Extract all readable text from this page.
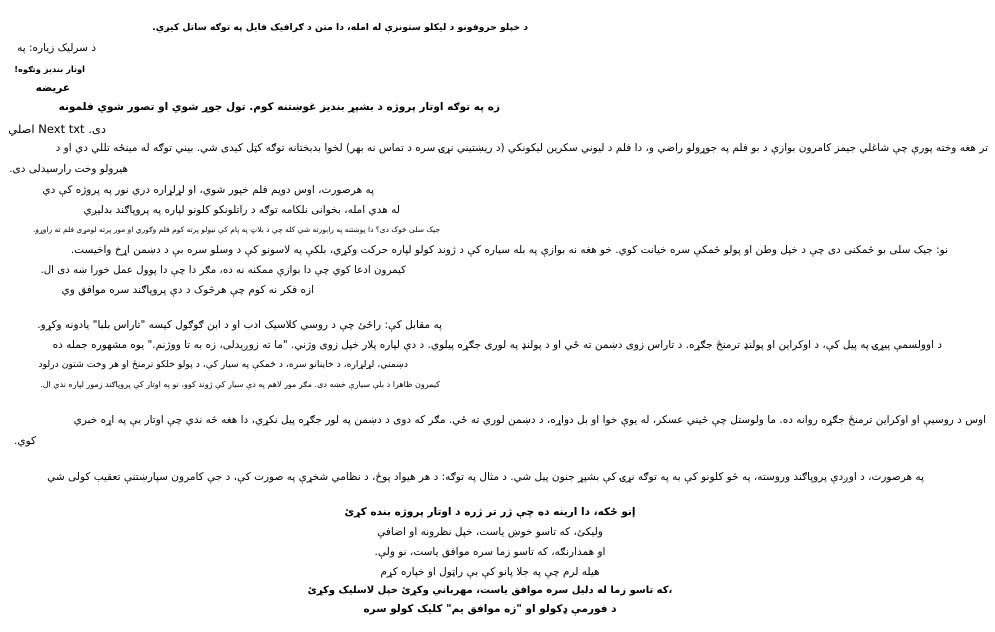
د خپلو حروفونو د لیکلو ستونزې له امله، دا متن د ګرافیک فایل په توګه ساتل کیږي.
د سرلیک زیاره: په
اوتار بندیز وتګوه!
عریضه
زه په توګه اوتار پروژه د بشپړ بندیز غوښتنه کوم. تول جوړ شوي او تصور شوي فلمونه
دی. Next txt اصلي
تر هغه وخته پورې چې شاغلي جیمز کامرون بوازې د بو فلم په جوړولو راضي و، دا فلم د لیوني سکرین لیکونکي (د ریښتیني نړۍ سره د تماس نه بهر) لخوا بدبختانه توګه کټل کیدی شي. بیني توګه له مینځه تللي دي او د
هیرولو وخت رارسیدلی دی.
په هرصورت، اوس دویم فلم خپور شوي، او لړلړاره دري نور په پروژه کې دي
له هدي امله، بخوانی نلکامه توګه د راتلونکو کلونو لپاره په پروپاګند بدلیږي
جیک سلی څوک دی؟ دا پوښتنه په رابورته شي کله چې د بلاټ په پام کې نیولو پرته کوم فلم وګوري او مور پرته لومړی فلم ته راوړو.
نو: جیک سلی بو څمکنی دی چې د خپل وطن او پولو څمکې سره خیانت کوي. خو هغه نه بوازې په بله سیاره کې د ژوند کولو لپاره حرکت وکړي، بلکې په لاسونو کې د وسلو سره بې د دښمن اړخ واخیست.
کیمرون ادعا کوي چې دا بوازې ممکنه نه ده، مګر دا چې دا پوول عمل خورا ښه دی ال.
ازه فکر نه کوم چې هرڅوک د دې پروپاګند سره موافق وي
په مقابل کې: راځئ چې د روسي کلاسیک ادب او د ابن ګوګول کیسه "تاراس بلبا" یادونه وکړو.
د اوولسمې پیړۍ په پیل کې، د اوکراین او پولنډ ترمنځ جګړه. د تاراس زوی دښمن ته ځي او د پولنډ په لوری جګړه پیلوي. د دې لپاره پلار خپل زوی وژني. "ما ته زوږیدلی، زه به تا ووژنم." یوه مشهوره جمله ده
دښمني، لړلړاره، د خاینانو سره، د څمکې په سیار کې، د پولو خلکو ترمنځ او هر وخت شتون درلود
کیمرون ظاهرا د بلې سیارې خښه دی. مګر مور لاهم په دې سیار کې ژوند کوو، نو په اوتار کې پروپاګند زمور لپاره ندي ال.
اوس د روسیې او اوکراین ترمنځ جګړه روانه ده. ما ولوستل چې څیني عسکر، له یوې خوا او بل دواړه، د دښمن لوري ته ځي. مګر که دوی د دښمن په لور جګړه پیل نکړي، دا هغه څه ندي چې اوتار بې په اړه خبري
کوي.
په هرصورت، د اوږدې پروپاګند وروسته، په څو کلونو کې به په توګه نړۍ کې بشپړ جنون پیل شي. د مثال په توګه: د هر هیواد پوځ، د نظامي شخړې په صورت کې، د جې کامرون سپارښتنې تعقیب کولی شي
إنو ځکه، دا ارینه ده چې ژر تر ژره د اوتار پروژه بنده کړئ
ولیکئ، که تاسو خوښ یاست، خپل نظرونه او اضافې
او همدارنګه، که تاسو زما سره موافق یاست، نو ولې.
هیله لرم چې په جلا پانو کې بې راټول او خپاره کړم
،که تاسو زما له دلیل سره موافق یاست، مهرباني وکړئ خپل لاسلیک وکړئ
د فورمې ډکولو او "زه موافق یم" کلیک کولو سره
